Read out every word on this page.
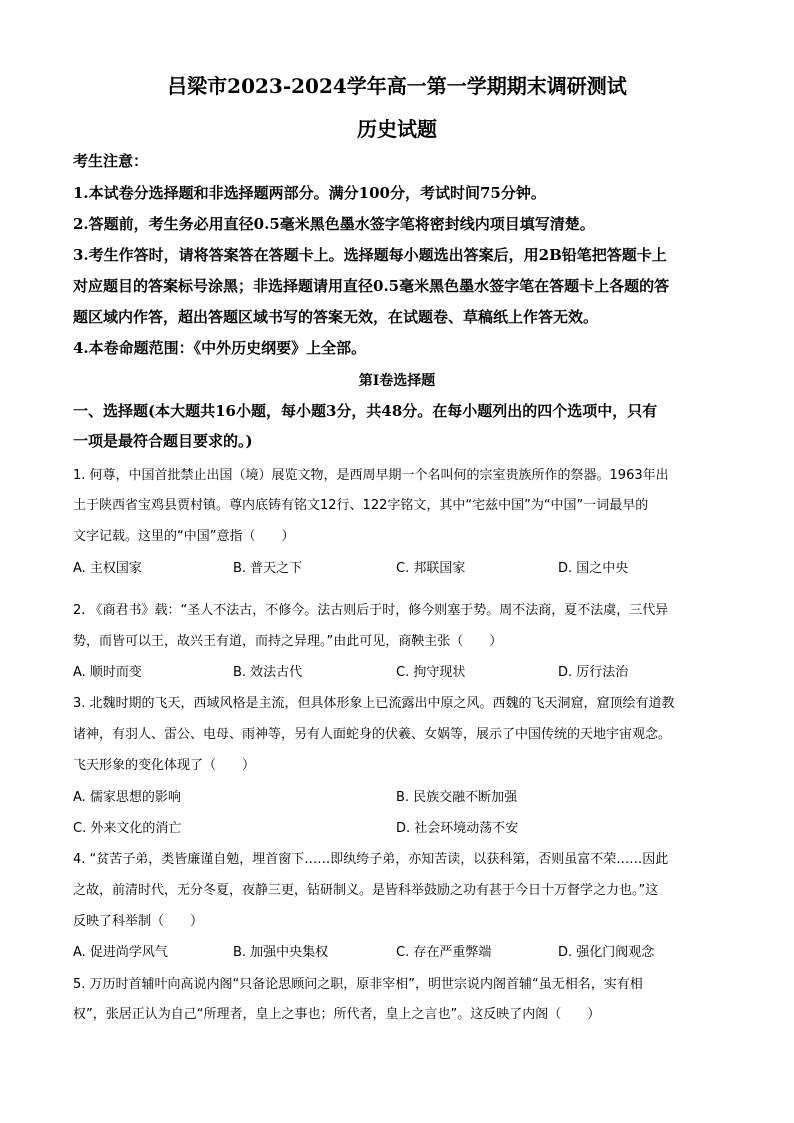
吕梁市2023-2024学年高一第一学期期末调研测试
历史试题
考生注意：
1.本试卷分选择题和非选择题两部分。满分100分，考试时间75分钟。
2.答题前，考生务必用直径0.5毫米黑色墨水签字笔将密封线内项目填写清楚。
3.考生作答时，请将答案答在答题卡上。选择题每小题选出答案后，用2B铅笔把答题卡上
对应题目的答案标号涂黑；非选择题请用直径0.5毫米黑色墨水签字笔在答题卡上各题的答
题区域内作答，超出答题区域书写的答案无效，在试题卷、草稿纸上作答无效。
4.本卷命题范围：《中外历史纲要》上全部。
第Ⅰ卷选择题
一、选择题(本大题共16小题，每小题3分，共48分。在每小题列出的四个选项中，只有
一项是最符合题目要求的。)
1. 何尊，中国首批禁止出国（境）展览文物，是西周早期一个名叫何的宗室贵族所作的祭器。1963年出
土于陕西省宝鸡县贾村镇。尊内底铸有铭文12行、122字铭文，其中“宅兹中国”为“中国”一词最早的
文字记载。这里的“中国”意指（　　）
A. 主权国家	B. 普天之下	C. 邦联国家	D. 国之中央
2. 《商君书》载：“圣人不法古，不修今。法古则后于时，修今则塞于势。周不法商，夏不法虞，三代异
势，而皆可以王，故兴王有道，而持之异理。”由此可见，商鞅主张（　　）
A. 顺时而变	B. 效法古代	C. 拘守现状	D. 厉行法治
3. 北魏时期的飞天，西域风格是主流，但具体形象上已流露出中原之风。西魏的飞天洞窟，窟顶绘有道教
诸神，有羽人、雷公、电母、雨神等，另有人面蛇身的伏羲、女娲等，展示了中国传统的天地宇宙观念。
飞天形象的变化体现了（　　）
A. 儒家思想的影响	B. 民族交融不断加强
C. 外来文化的消亡	D. 社会环境动荡不安
4. “贫苦子弟，类皆廉谨自勉，埋首窗下……即纨绔子弟，亦知苦读，以获科第，否则虽富不荣……因此
之故，前清时代，无分冬夏，夜静三更，钻研制义。是皆科举鼓励之功有甚于今日十万督学之力也。”这
反映了科举制（　　）
A. 促进尚学风气	B. 加强中央集权	C. 存在严重弊端	D. 强化门阀观念
5. 万历时首辅叶向高说内阁“只备论思顾问之职，原非宰相”，明世宗说内阁首辅“虽无相名，实有相
权”，张居正认为自己“所理者，皇上之事也；所代者，皇上之言也”。这反映了内阁（　　）
